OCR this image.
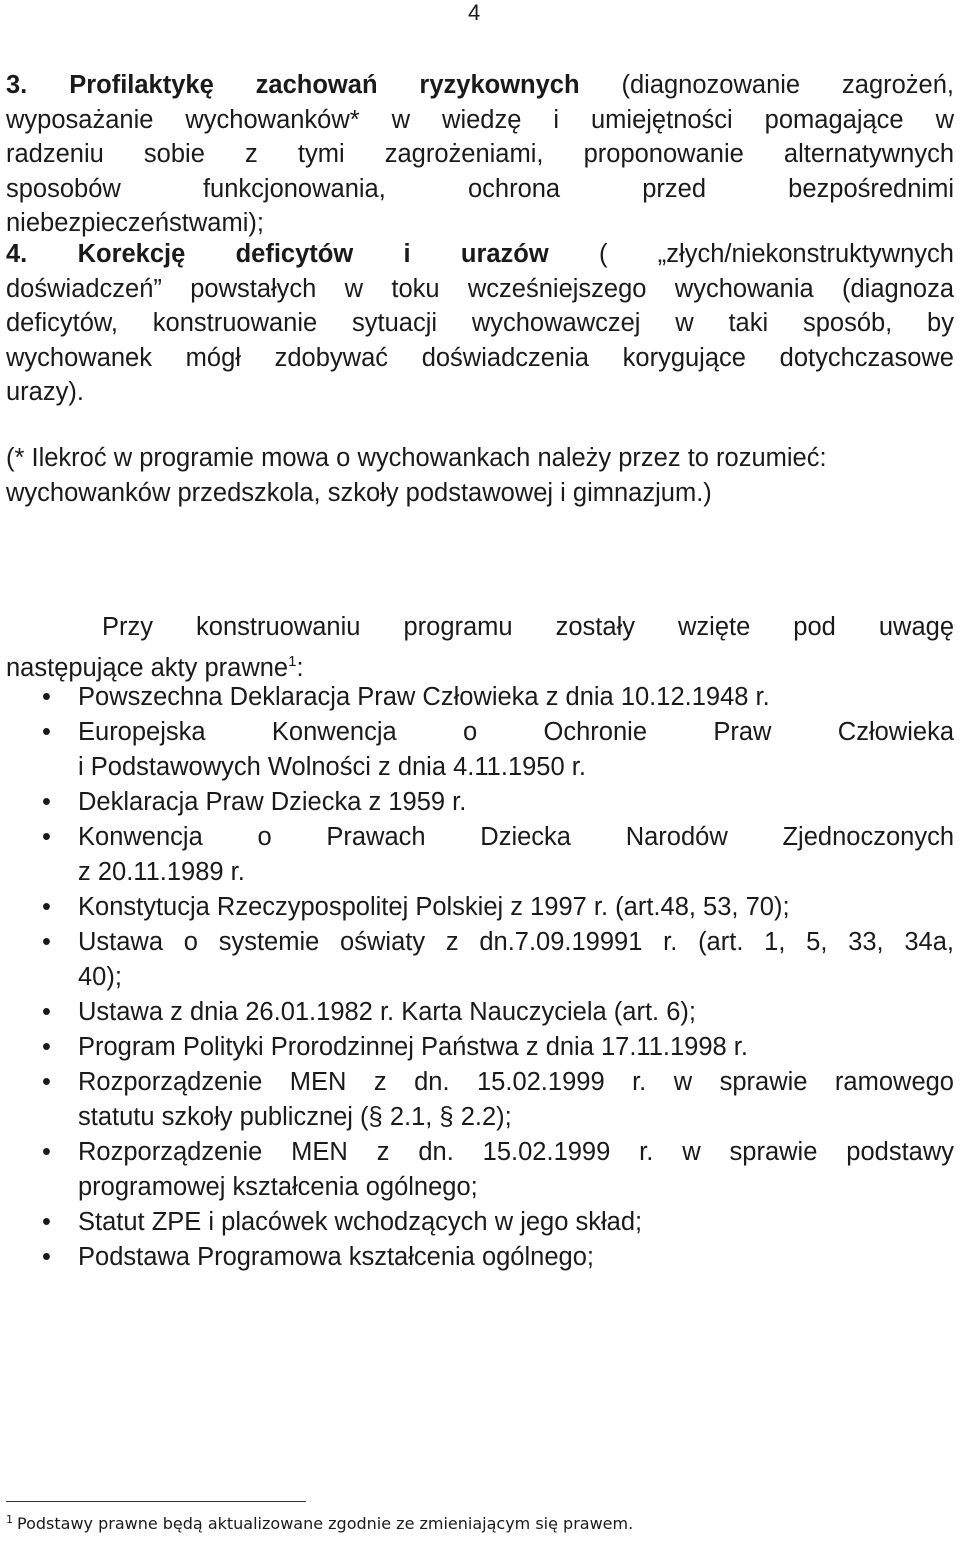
4
3. Profilaktykę zachowań ryzykownych (diagnozowanie zagrożeń,
wyposażanie wychowanków* w wiedzę i umiejętności pomagające w
radzeniu sobie z tymi zagrożeniami, proponowanie alternatywnych
sposobów funkcjonowania, ochrona przed bezpośrednimi
niebezpieczeństwami);
4. Korekcję deficytów i urazów ( „złych/niekonstruktywnych
doświadczeń” powstałych w toku wcześniejszego wychowania (diagnoza
deficytów, konstruowanie sytuacji wychowawczej w taki sposób, by
wychowanek mógł zdobywać doświadczenia korygujące dotychczasowe
urazy).
(* Ilekroć w programie mowa o wychowankach należy przez to rozumieć:
wychowanków przedszkola, szkoły podstawowej i gimnazjum.)
Przy konstruowaniu programu zostały wzięte pod uwagę
następujące akty prawne$^1$:
• Powszechna Deklaracja Praw Człowieka z dnia 10.12.1948 r.
• Europejska Konwencja o Ochronie Praw Człowieka
i Podstawowych Wolności z dnia 4.11.1950 r.
• Deklaracja Praw Dziecka z 1959 r.
• Konwencja o Prawach Dziecka Narodów Zjednoczonych
z 20.11.1989 r.
• Konstytucja Rzeczypospolitej Polskiej z 1997 r. (art.48, 53, 70);
• Ustawa o systemie oświaty z dn.7.09.19991 r. (art. 1, 5, 33, 34a,
40);
• Ustawa z dnia 26.01.1982 r. Karta Nauczyciela (art. 6);
• Program Polityki Prorodzinnej Państwa z dnia 17.11.1998 r.
• Rozporządzenie MEN z dn. 15.02.1999 r. w sprawie ramowego
statutu szkoły publicznej (§ 2.1, § 2.2);
• Rozporządzenie MEN z dn. 15.02.1999 r. w sprawie podstawy
programowej kształcenia ogólnego;
• Statut ZPE i placówek wchodzących w jego skład;
• Podstawa Programowa kształcenia ogólnego;
$^1$ Podstawy prawne będą aktualizowane zgodnie ze zmieniającym się prawem.
